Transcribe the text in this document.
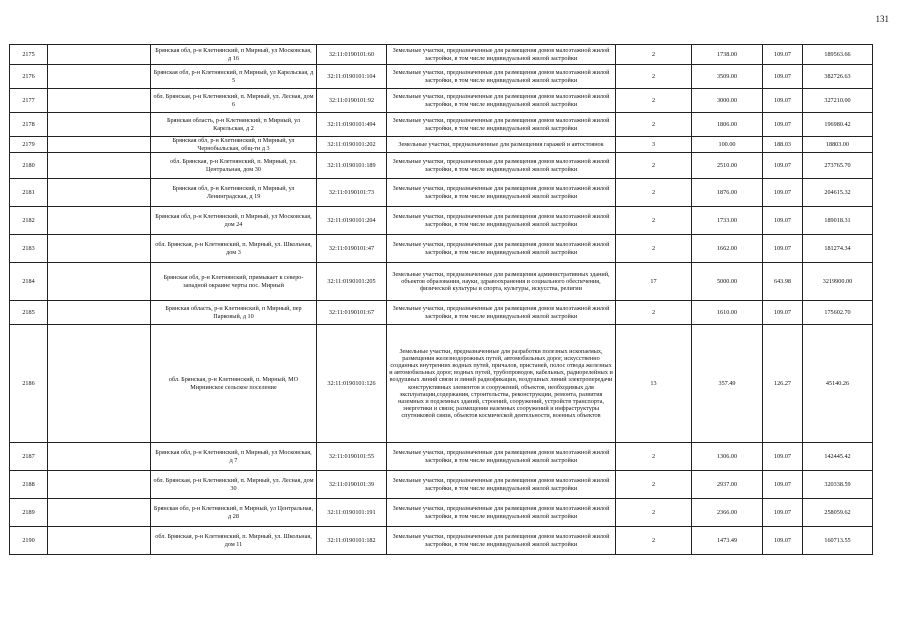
131
2175		Брянская обл, р-н Клетнянский, п Мирный, ул Московская, д 16	32:11:0190101:60	Земельные участки, предназначенные для размещения домов малоэтажной жилой застройки, в том числе индивидуальной жилой застройки	2	1738.00	109.07	189563.66
2176		Брянская обл, р-н Клетнянский, п Мирный, ул Карельская, д 5	32:11:0190101:104	Земельные участки, предназначенные для размещения домов малоэтажной жилой застройки, в том числе индивидуальной жилой застройки	2	3509.00	109.07	382726.63
2177		обл. Брянская, р-н Клетнянский, п. Мирный, ул. Лесная, дом 6	32:11:0190101:92	Земельные участки, предназначенные для размещения домов малоэтажной жилой застройки, в том числе индивидуальной жилой застройки	2	3000.00	109.07	327210.00
2178		Брянская область, р-н Клетнянский, п Мирный, ул Карельская, д 2	32:11:0190101:494	Земельные участки, предназначенные для размещения домов малоэтажной жилой застройки, в том числе индивидуальной жилой застройки	2	1806.00	109.07	196980.42
2179		Брянская обл, р-н Клетнянский, п Мирный, ул Чернобыльская, общ-ти д 3	32:11:0190101:202	Земельные участки, предназначенные для размещения гаражей и автостоянок	3	100.00	188.03	18803.00
2180		обл. Брянская, р-н Клетнянский, п. Мирный, ул. Центральная, дом 30	32:11:0190101:189	Земельные участки, предназначенные для размещения домов малоэтажной жилой застройки, в том числе индивидуальной жилой застройки	2	2510.00	109.07	273765.70
2181		Брянская обл, р-н Клетнянский, п Мирный, ул Ленинградская, д 19	32:11:0190101:73	Земельные участки, предназначенные для размещения домов малоэтажной жилой застройки, в том числе индивидуальной жилой застройки	2	1876.00	109.07	204615.32
2182		Брянская обл, р-н Клетнянский, п Мирный, ул Московская, дом 24	32:11:0190101:204	Земельные участки, предназначенные для размещения домов малоэтажной жилой застройки, в том числе индивидуальной жилой застройки	2	1733.00	109.07	189018.31
2183		обл. Брянская, р-н Клетнянский, п. Мирный, ул. Школьная, дом 3	32:11:0190101:47	Земельные участки, предназначенные для размещения домов малоэтажной жилой застройки, в том числе индивидуальной жилой застройки	2	1662.00	109.07	181274.34
2184		Брянская обл, р-н Клетнянский, примыкает к северо-западной окраине черты пос. Мирный	32:11:0190101:205	Земельные участки, предназначенные для размещения административных зданий, объектов образования, науки, здравоохранения и социального обеспечения, физической культуры и спорта, культуры, искусства, религии	17	5000.00	643.98	3219900.00
2185		Брянская область, р-н Клетнянский, п Мирный, пер Парковый, д 10	32:11:0190101:67	Земельные участки, предназначенные для размещения домов малоэтажной жилой застройки, в том числе индивидуальной жилой застройки	2	1610.00	109.07	175602.70
2186		обл. Брянская, р-н Клетнянский, п. Мирный, МО Мирнинское сельское поселение	32:11:0190101:126	Земельные участки, предназначенные для разработки полезных ископаемых, размещения железнодорожных путей, автомобильных дорог, искусственно созданных внутренних водных путей, причалов, пристаней, полос отвода железных и автомобильных дорог, водных путей, трубопроводов, кабельных, радиорелейных и воздушных линий связи и линий радиофикации, воздушных линий электропередачи конструктивных элементов и сооружений, объектов, необходимых для эксплуатации,содержания, строительства, реконструкции, ремонта, развития наземных и подземных зданий, строений, сооружений, устройств транспорта, энергетики и связи; размещения наземных сооружений и инфраструктуры спутниковой связи, объектов космической деятельности, военных объектов	13	357.49	126.27	45140.26
2187		Брянская обл, р-н Клетнянский, п Мирный, ул Московская, д 7	32:11:0190101:55	Земельные участки, предназначенные для размещения домов малоэтажной жилой застройки, в том числе индивидуальной жилой застройки	2	1306.00	109.07	142445.42
2188		обл. Брянская, р-н Клетнянский, п. Мирный, ул. Лесная, дом 30	32:11:0190101:39	Земельные участки, предназначенные для размещения домов малоэтажной жилой застройки, в том числе индивидуальной жилой застройки	2	2937.00	109.07	320338.59
2189		Брянская обл, р-н Клетнянский, п Мирный, ул Центральная, д 28	32:11:0190101:191	Земельные участки, предназначенные для размещения домов малоэтажной жилой застройки, в том числе индивидуальной жилой застройки	2	2366.00	109.07	258059.62
2190		обл. Брянская, р-н Клетнянский, п. Мирный, ул. Школьная, дом 11	32:11:0190101:182	Земельные участки, предназначенные для размещения домов малоэтажной жилой застройки, в том числе индивидуальной жилой застройки	2	1473.49	109.07	160713.55
